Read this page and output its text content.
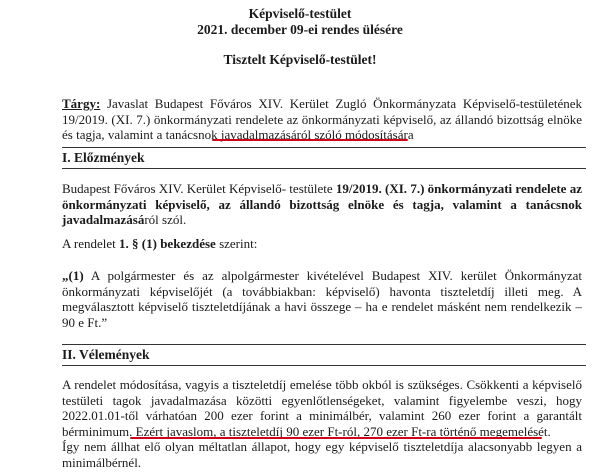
Képviselő-testület
2021. december 09-ei rendes ülésére
Tisztelt Képviselő-testület!
Tárgy: Javaslat Budapest Főváros XIV. Kerület Zugló Önkormányzata Képviselő-testületének 19/2019. (XI. 7.) önkormányzati rendelete az önkormányzati képviselő, az állandó bizottság elnöke és tagja, valamint a tanácsnok javadalmazásáról szóló módosítására
I. Előzmények
Budapest Főváros XIV. Kerület Képviselő- testülete 19/2019. (XI. 7.) önkormányzati rendelete az önkormányzati képviselő, az állandó bizottság elnöke és tagja, valamint a tanácsnok javadalmazásáról szól.
A rendelet 1. § (1) bekezdése szerint:
„(1) A polgármester és az alpolgármester kivételével Budapest XIV. kerület Önkormányzat önkormányzati képviselőjét (a továbbiakban: képviselő) havonta tiszteletdíj illeti meg. A megválasztott képviselő tiszteletdíjának a havi összege – ha e rendelet másként nem rendelkezik – 90 e Ft.”
II. Vélemények
A rendelet módosítása, vagyis a tiszteletdíj emelése több okból is szükséges. Csökkenti a képviselő testületi tagok javadalmazása közötti egyenlőtlenségeket, valamint figyelembe veszi, hogy 2022.01.01-től várhatóan 200 ezer forint a minimálbér, valamint 260 ezer forint a garantált bérminimum. Ezért javaslom, a tiszteletdíj 90 ezer Ft-ról, 270 ezer Ft-ra történő megemelését.
Így nem állhat elő olyan méltatlan állapot, hogy egy képviselő tiszteletdíja alacsonyabb legyen a minimálbérnél.
